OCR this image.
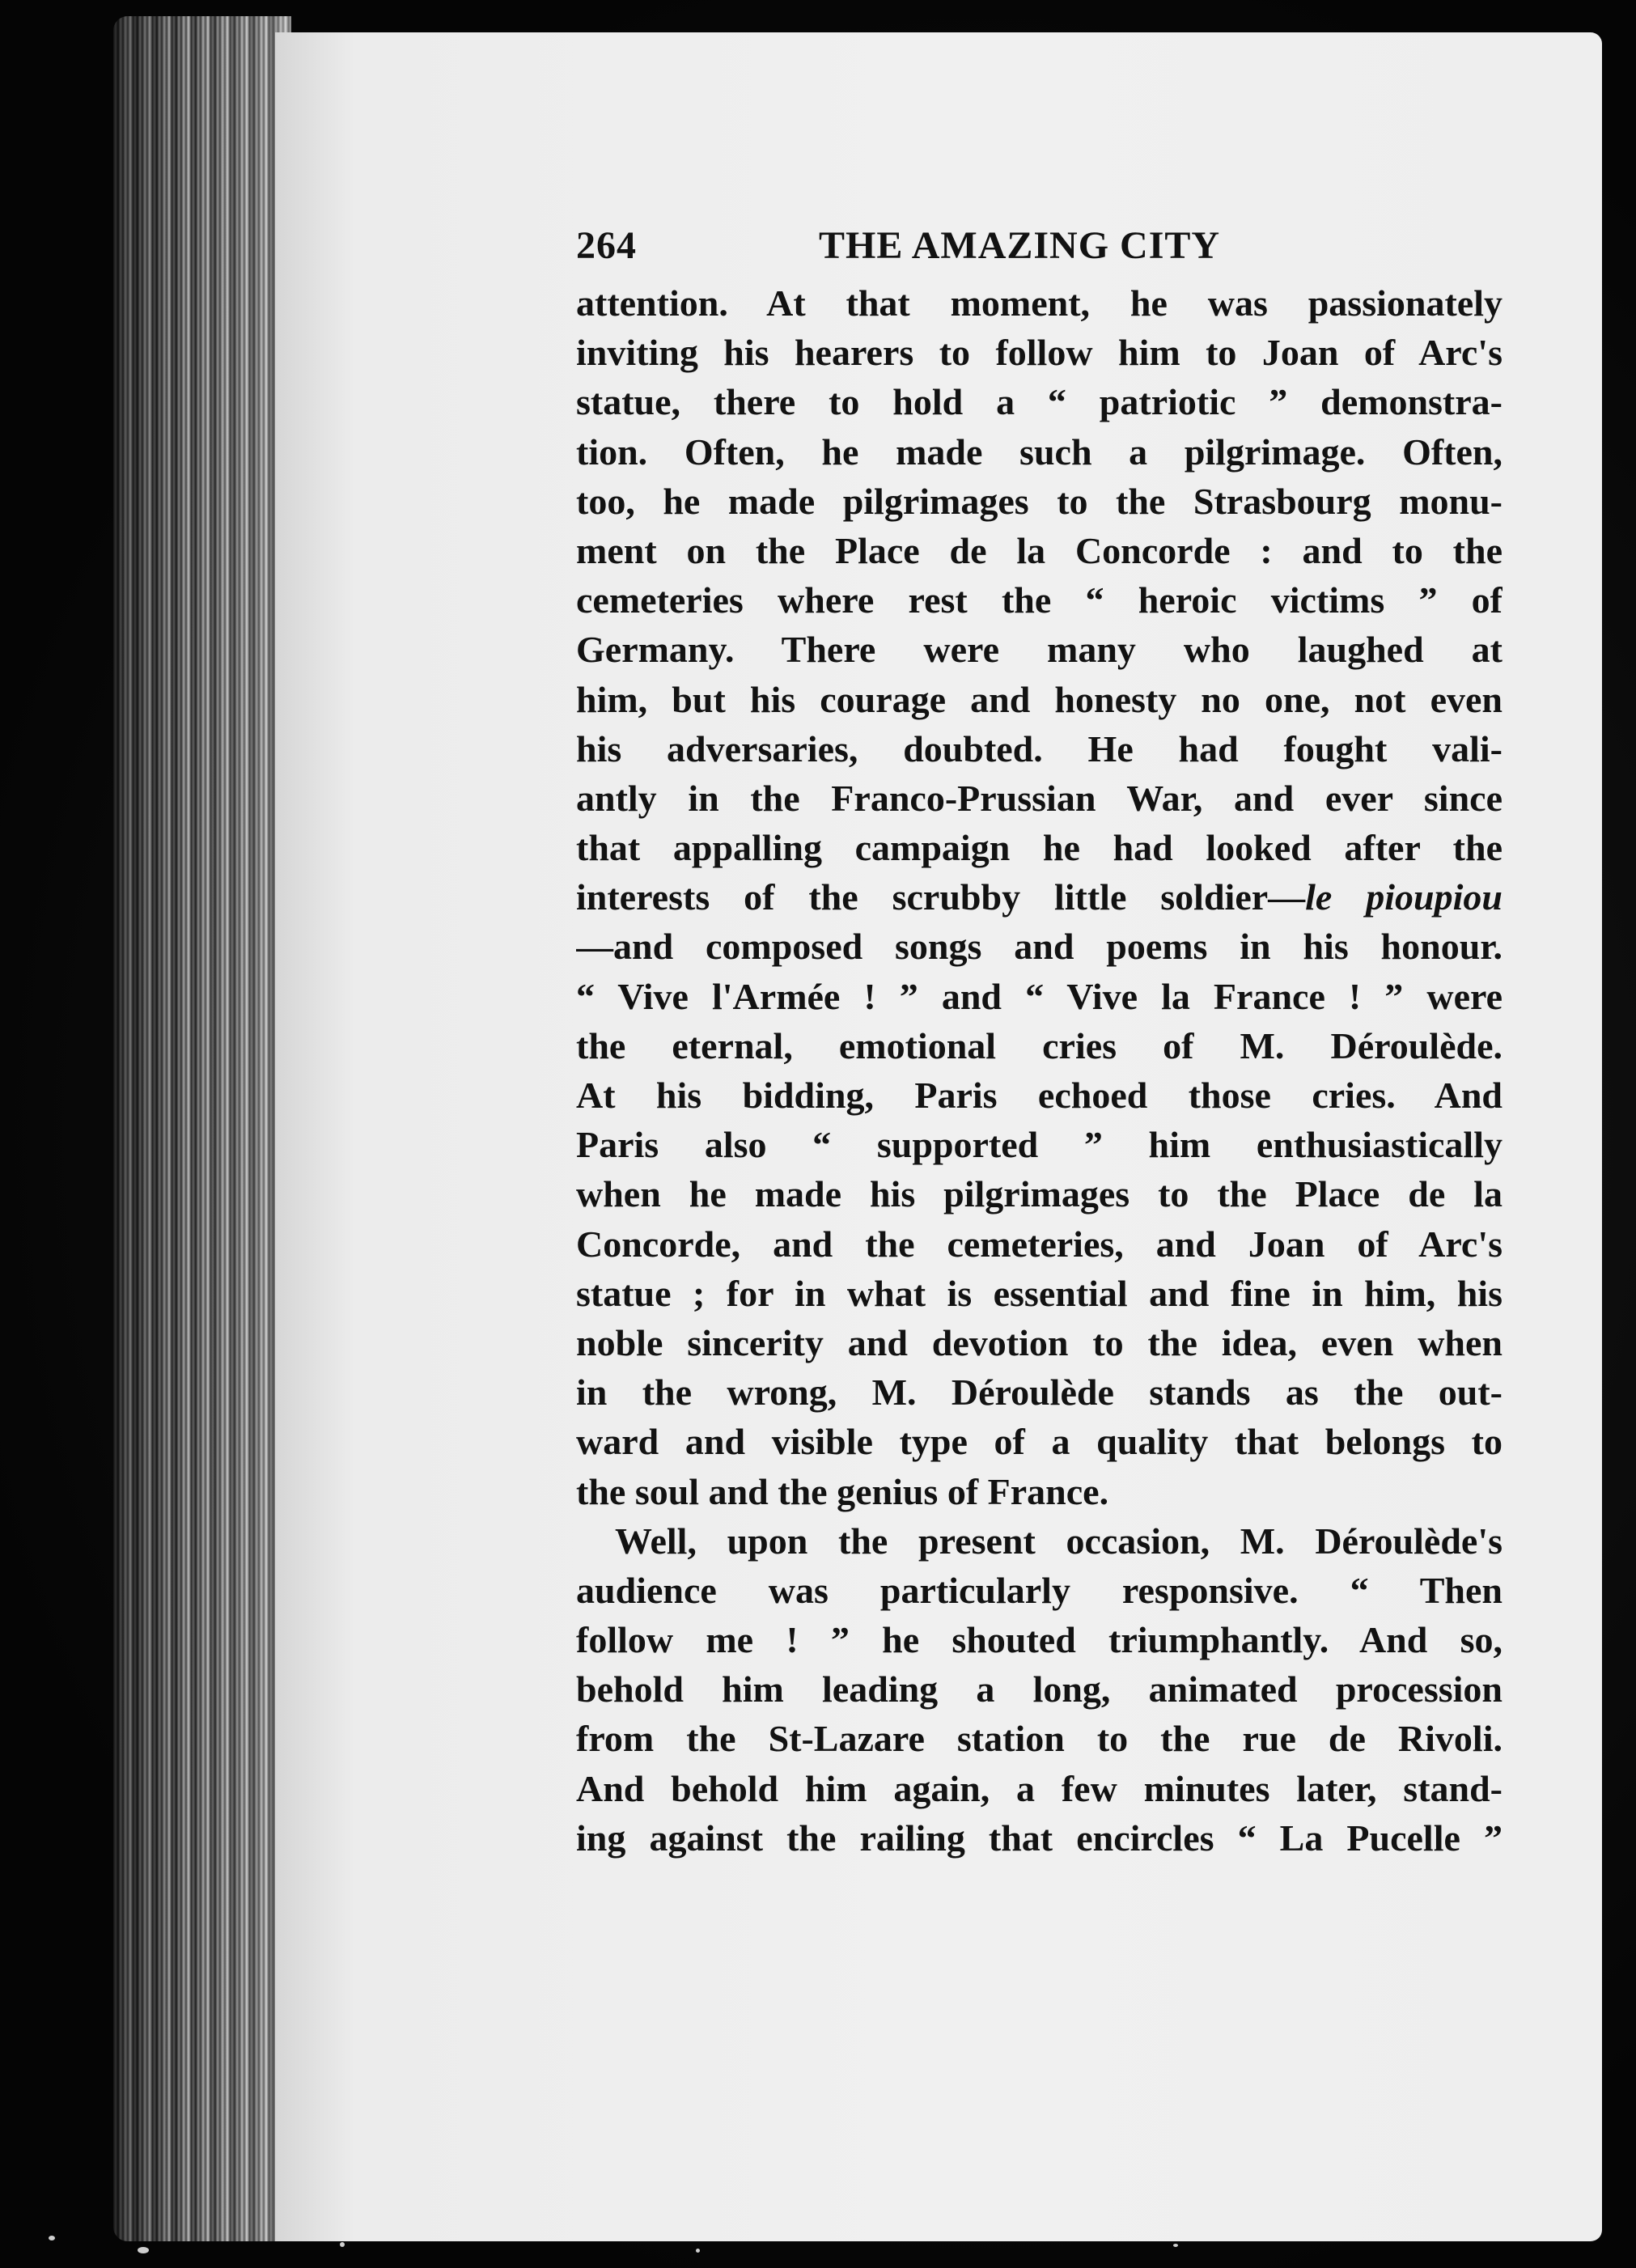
264	THE AMAZING CITY
attention. At that moment, he was passionately
inviting his hearers to follow him to Joan of Arc's
statue, there to hold a “ patriotic ” demonstra-
tion. Often, he made such a pilgrimage. Often,
too, he made pilgrimages to the Strasbourg monu-
ment on the Place de la Concorde : and to the
cemeteries where rest the “ heroic victims ” of
Germany. There were many who laughed at
him, but his courage and honesty no one, not even
his adversaries, doubted. He had fought vali-
antly in the Franco-Prussian War, and ever since
that appalling campaign he had looked after the
interests of the scrubby little soldier—le pioupiou
—and composed songs and poems in his honour.
“ Vive l'Armée ! ” and “ Vive la France ! ” were
the eternal, emotional cries of M. Déroulède.
At his bidding, Paris echoed those cries. And
Paris also “ supported ” him enthusiastically
when he made his pilgrimages to the Place de la
Concorde, and the cemeteries, and Joan of Arc's
statue ; for in what is essential and fine in him, his
noble sincerity and devotion to the idea, even when
in the wrong, M. Déroulède stands as the out-
ward and visible type of a quality that belongs to
the soul and the genius of France.
Well, upon the present occasion, M. Déroulède's
audience was particularly responsive. “ Then
follow me ! ” he shouted triumphantly. And so,
behold him leading a long, animated procession
from the St-Lazare station to the rue de Rivoli.
And behold him again, a few minutes later, stand-
ing against the railing that encircles “ La Pucelle ”
